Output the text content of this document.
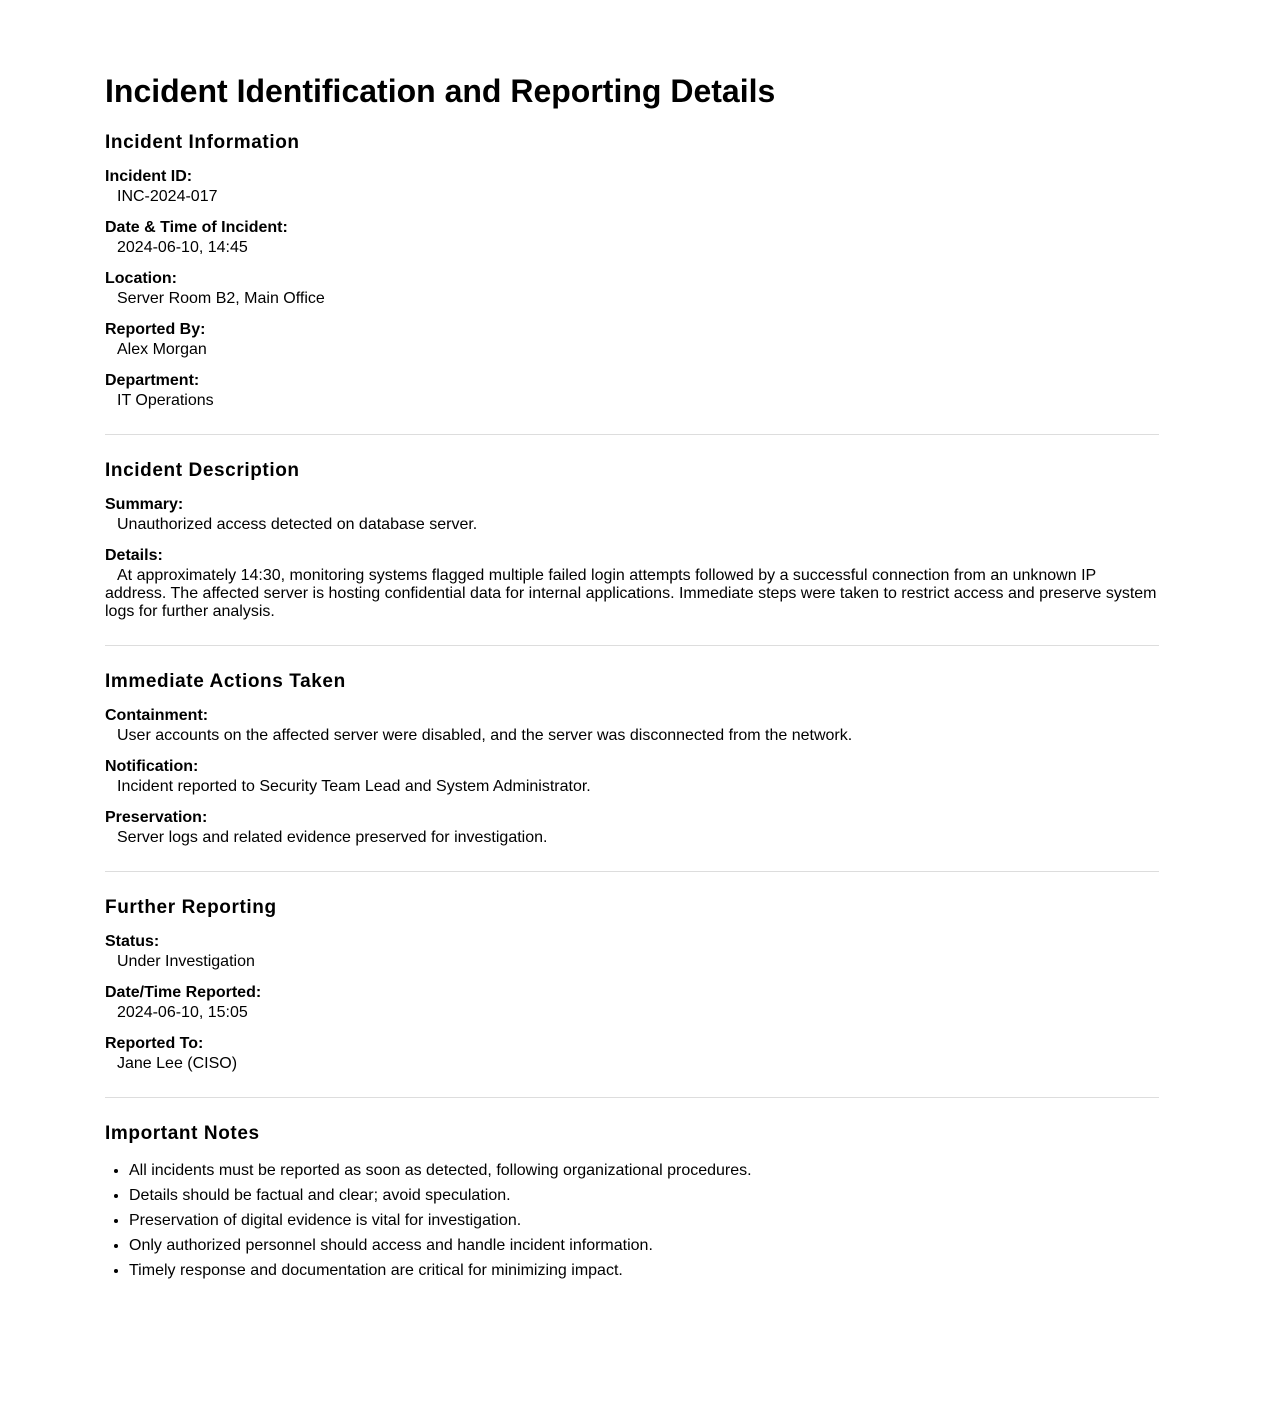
Incident Identification and Reporting Details
Incident Information
Incident ID:
INC-2024-017
Date & Time of Incident:
2024-06-10, 14:45
Location:
Server Room B2, Main Office
Reported By:
Alex Morgan
Department:
IT Operations
Incident Description
Summary:
Unauthorized access detected on database server.
Details:
At approximately 14:30, monitoring systems flagged multiple failed login attempts followed by a successful connection from an unknown IP address. The affected server is hosting confidential data for internal applications. Immediate steps were taken to restrict access and preserve system logs for further analysis.
Immediate Actions Taken
Containment:
User accounts on the affected server were disabled, and the server was disconnected from the network.
Notification:
Incident reported to Security Team Lead and System Administrator.
Preservation:
Server logs and related evidence preserved for investigation.
Further Reporting
Status:
Under Investigation
Date/Time Reported:
2024-06-10, 15:05
Reported To:
Jane Lee (CISO)
Important Notes
• All incidents must be reported as soon as detected, following organizational procedures.
• Details should be factual and clear; avoid speculation.
• Preservation of digital evidence is vital for investigation.
• Only authorized personnel should access and handle incident information.
• Timely response and documentation are critical for minimizing impact.
